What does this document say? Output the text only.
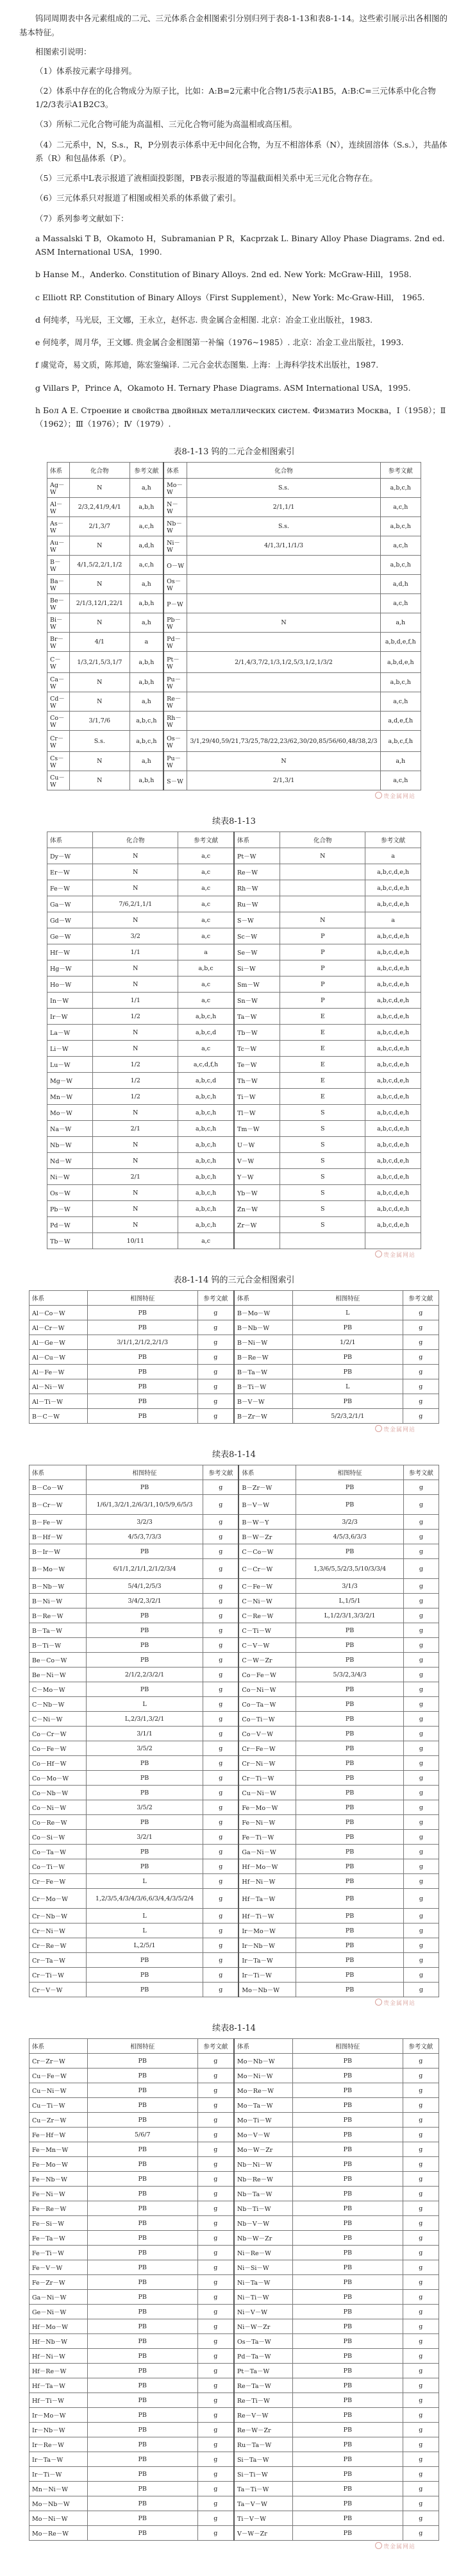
钨同周期表中各元素组成的二元、三元体系合金相图索引分别归列于表8-1-13和表8-1-14。这些索引展示出各相图的基本特征。

相图索引说明：

（1）体系按元素字母排列。

（2）体系中存在的化合物成分为原子比，比如：A:B=2元素中化合物1/5表示A1B5，A:B:C=三元体系中化合物1/2/3表示A1B2C3。

（3）所标二元化合物可能为高温相、三元化合物可能为高温相或高压相。

（4）二元系中，N，S.s.，R，P分别表示体系中无中间化合物，为互不相溶体系（N），连续固溶体（S.s.），共晶体系（R）和包晶体系（P）。

（5）三元系中L表示报道了液相面投影图，PB表示报道的等温截面相关系中无三元化合物存在。

（6）三元体系只对报道了相图或相关系的体系做了索引。

（7）系列参考文献如下：

a Massalski T B，Okamoto H，Subramanian P R，Kacprzak L. Binary Alloy Phase Diagrams. 2nd ed. ASM International USA，1990.

b Hanse M.，Anderko. Constitution of Binary Alloys. 2nd ed. New York: McGraw-Hill，1958.

c Elliott RP. Constitution of Binary Alloys（First Supplement），New York: Mc-Graw-Hill， 1965.

d 何纯孝，马光辰，王文娜，王永立，赵怀志. 贵金属合金相图. 北京：冶金工业出版社，1983.

e 何纯孝，周月华，王文娜. 贵金属合金相图第一补编（1976~1985）. 北京：冶金工业出版社，1993.

f 虞觉奇，易文质，陈邦迪，陈宏鉴编译. 二元合金状态图集. 上海：上海科学技术出版社，1987.

g Villars P，Prince A，Okamoto H. Ternary Phase Diagrams. ASM International USA，1995.

h Бол А Е. Строение и свойства двойных металлических систем. Физматиз Москва，Ⅰ（1958）；Ⅱ（1962）；Ⅲ（1976）；Ⅳ（1979）.

表8-1-13 钨的二元合金相图索引
体系	化合物	参考文献	体系	化合物	参考文献
Ag－W	N	a,h	Mo－W	S.s.	a,b,c,h
Al－W	2/3,2,41/9,4/1	a,b,h	N－W	2/1,1/1	a,c,h
As－W	2/1,3/7	a,c,h	Nb－W	S.s.	a,b,c,h
Au－W	N	a,d,h	Ni－W	4/1,3/1,1/1/3	a,c,h
B－W	4/1,5/2,2/1,1/2	a,c,h	O－W		a,b,c,h
Ba－W	N	a,h	Os－W		a,d,h
Be－W	2/1/3,12/1,22/1	a,b,h	P－W		a,c,h
Bi－W	N	a,h	Pb－W	N	a,h
Br－W	4/1	a	Pd－W		a,b,d,e,f,h
C－W	1/3,2/1,5/3,1/7	a,b,h	Pt－W	2/1,4/3,7/2,1/3,1/2,5/3,1/2,1/3/2	a,b,d,e,h
Ca－W	N	a,b,h	Pu－W		a,b,c,h
Cd－W	N	a,h	Re－W		a,c,h
Co－W	3/1,7/6	a,b,c,h	Rh－W		a,d,e,f,h
Cr－W	S.s.	a,b,c,h	Os－W	3/1,29/40,59/21,73/25,78/22,23/62,30/20,85/56/60,48/38,2/3	a,b,c,f,h
Cs－W	N	a,h	Pu－W	N	a,h
Cu－W	N	a,b,h	S－W	2/1,3/1	a,c,h
贵金属网站
续表8-1-13
体系	化合物	参考文献	体系	化合物	参考文献
Dy－W	N	a,c	Pt－W	N	a
Er－W	N	a,c	Re－W		a,b,c,d,e,h
Fe－W	N	a,c	Rh－W		a,b,c,d,e,h
Ga－W	7/6,2/1,1/1	a,c	Ru－W		a,b,c,d,e,h
Gd－W	N	a,c	S－W	N	a
Ge－W	3/2	a,c	Sc－W	P	a,b,c,d,e,h
Hf－W	1/1	a	Se－W	P	a,b,c,d,e,h
Hg－W	N	a,b,c	Si－W	P	a,b,c,d,e,h
Ho－W	N	a,c	Sm－W	P	a,b,c,d,e,h
In－W	1/1	a,c	Sn－W	P	a,b,c,d,e,h
Ir－W	1/2	a,b,c,h	Ta－W	E	a,b,c,d,e,h
La－W	N	a,b,c,d	Tb－W	E	a,b,c,d,e,h
Li－W	N	a,c	Tc－W	E	a,b,c,d,e,h
Lu－W	1/2	a,c,d,f,h	Te－W	E	a,b,c,d,e,h
Mg－W	1/2	a,b,c,d	Th－W	E	a,b,c,d,e,h
Mn－W	1/2	a,b,c,h	Ti－W	E	a,b,c,d,e,h
Mo－W	N	a,b,c,h	Tl－W	S	a,b,c,d,e,h
Na－W	2/1	a,b,c,h	Tm－W	S	a,b,c,d,e,h
Nb－W	N	a,b,c,h	U－W	S	a,b,c,d,e,h
Nd－W	N	a,b,c,h	V－W	S	a,b,c,d,e,h
Ni－W	2/1	a,b,c,h	Y－W	S	a,b,c,d,e,h
Os－W	N	a,b,c,h	Yb－W	S	a,b,c,d,e,h
Pb－W	N	a,b,c,h	Zn－W	S	a,b,c,d,e,h
Pd－W	N	a,b,c,h	Zr－W	S	a,b,c,d,e,h
Tb－W	10/11	a,c			
贵金属网站
表8-1-14 钨的三元合金相图索引
体系	相图特征	参考文献	体系	相图特征	参考文献
Al－Co－W	PB	g	B－Mo－W	L	g
Al－Cr－W	PB	g	B－Nb－W	PB	g
Al－Ge－W	3/1/1,2/1/2,2/1/3	g	B－Ni－W	1/2/1	g
Al－Cu－W	PB	g	B－Re－W	PB	g
Al－Fe－W	PB	g	B－Ta－W	PB	g
Al－Ni－W	PB	g	B－Ti－W	L	g
Al－Ti－W	PB	g	B－V－W	PB	g
B－C－W	PB	g	B－Zr－W	5/2/3,2/1/1	g
贵金属网站
续表8-1-14
体系	相图特征	参考文献	体系	相图特征	参考文献
B－Co－W	PB	g	B－Zr－W	PB	g
B－Cr－W	1/6/1,3/2/1,2/6/3/1,10/5/9,6/5/3	g	B－V－W	PB	g
B－Fe－W	3/2/3	g	B－W－Y	3/2/3	g
B－Hf－W	4/5/3,7/3/3	g	B－W－Zr	4/5/3,6/3/3	g
B－Ir－W	PB	g	C－Co－W	PB	g
B－Mo－W	6/1/1,2/1/1,2/1/2/3/4	g	C－Cr－W	1,3/6/5,5/2/3,5/10/3/3/4	g
B－Nb－W	5/4/1,2/5/3	g	C－Fe－W	3/1/3	g
B－Ni－W	3/4/2,3/2/1	g	C－Ni－W	L,1/5/1	g
B－Re－W	PB	g	C－Re－W	L,1/2/3/1,3/3/2/1	g
B－Ta－W	PB	g	C－Ti－W	PB	g
B－Ti－W	PB	g	C－V－W	PB	g
Be－Co－W	PB	g	C－W－Zr	PB	g
Be－Ni－W	2/1/2,2/3/2/1	g	Co－Fe－W	5/3/2,3/4/3	g
C－Mo－W	PB	g	Co－Ni－W	PB	g
C－Nb－W	L	g	Co－Ta－W	PB	g
C－Ni－W	L,2/3/1,3/2/1	g	Co－Ti－W	PB	g
Co－Cr－W	3/1/1	g	Co－V－W	PB	g
Co－Fe－W	3/5/2	g	Cr－Fe－W	PB	g
Co－Hf－W	PB	g	Cr－Ni－W	PB	g
Co－Mo－W	PB	g	Cr－Ti－W	PB	g
Co－Nb－W	PB	g	Cu－Ni－W	PB	g
Co－Ni－W	3/5/2	g	Fe－Mo－W	PB	g
Co－Re－W	PB	g	Fe－Ni－W	PB	g
Co－Si－W	3/2/1	g	Fe－Ti－W	PB	g
Co－Ta－W	PB	g	Ga－Ni－W	PB	g
Co－Ti－W	PB	g	Hf－Mo－W	PB	g
Cr－Fe－W	L	g	Hf－Ni－W	PB	g
Cr－Mo－W	1,2/3/5,4/3/4/3/6,6/3/4,4/3/5/2/4	g	Hf－Ta－W	PB	g
Cr－Nb－W	L	g	Hf－Ti－W	PB	g
Cr－Ni－W	L	g	Ir－Mo－W	PB	g
Cr－Re－W	L,2/5/1	g	Ir－Nb－W	PB	g
Cr－Ta－W	PB	g	Ir－Ta－W	PB	g
Cr－Ti－W	PB	g	Ir－Ti－W	PB	g
Cr－V－W	PB	g	Mo－Nb－W	PB	g
贵金属网站
续表8-1-14
体系	相图特征	参考文献	体系	相图特征	参考文献
Cr－Zr－W	PB	g	Mo－Nb－W	PB	g
Cu－Fe－W	PB	g	Mo－Ni－W	PB	g
Cu－Ni－W	PB	g	Mo－Re－W	PB	g
Cu－Ti－W	PB	g	Mo－Ta－W	PB	g
Cu－Zr－W	PB	g	Mo－Ti－W	PB	g
Fe－Hf－W	5/6/7	g	Mo－V－W	PB	g
Fe－Mn－W	PB	g	Mo－W－Zr	PB	g
Fe－Mo－W	PB	g	Nb－Ni－W	PB	g
Fe－Nb－W	PB	g	Nb－Re－W	PB	g
Fe－Ni－W	PB	g	Nb－Ta－W	PB	g
Fe－Re－W	PB	g	Nb－Ti－W	PB	g
Fe－Si－W	PB	g	Nb－V－W	PB	g
Fe－Ta－W	PB	g	Nb－W－Zr	PB	g
Fe－Ti－W	PB	g	Ni－Re－W	PB	g
Fe－V－W	PB	g	Ni－Si－W	PB	g
Fe－Zr－W	PB	g	Ni－Ta－W	PB	g
Ga－Ni－W	PB	g	Ni－Ti－W	PB	g
Ge－Ni－W	PB	g	Ni－V－W	PB	g
Hf－Mo－W	PB	g	Ni－W－Zr	PB	g
Hf－Nb－W	PB	g	Os－Ta－W	PB	g
Hf－Ni－W	PB	g	Pd－Ta－W	PB	g
Hf－Re－W	PB	g	Pt－Ta－W	PB	g
Hf－Ta－W	PB	g	Re－Ta－W	PB	g
Hf－Ti－W	PB	g	Re－Ti－W	PB	g
Ir－Mo－W	PB	g	Re－V－W	PB	g
Ir－Nb－W	PB	g	Re－W－Zr	PB	g
Ir－Re－W	PB	g	Ru－Ta－W	PB	g
Ir－Ta－W	PB	g	Si－Ta－W	PB	g
Ir－Ti－W	PB	g	Si－Ti－W	PB	g
Mn－Ni－W	PB	g	Ta－Ti－W	PB	g
Mo－Nb－W	PB	g	Ta－V－W	PB	g
Mo－Ni－W	PB	g	Ti－V－W	PB	g
Mo－Re－W	PB	g	V－W－Zr	PB	g
贵金属网站
